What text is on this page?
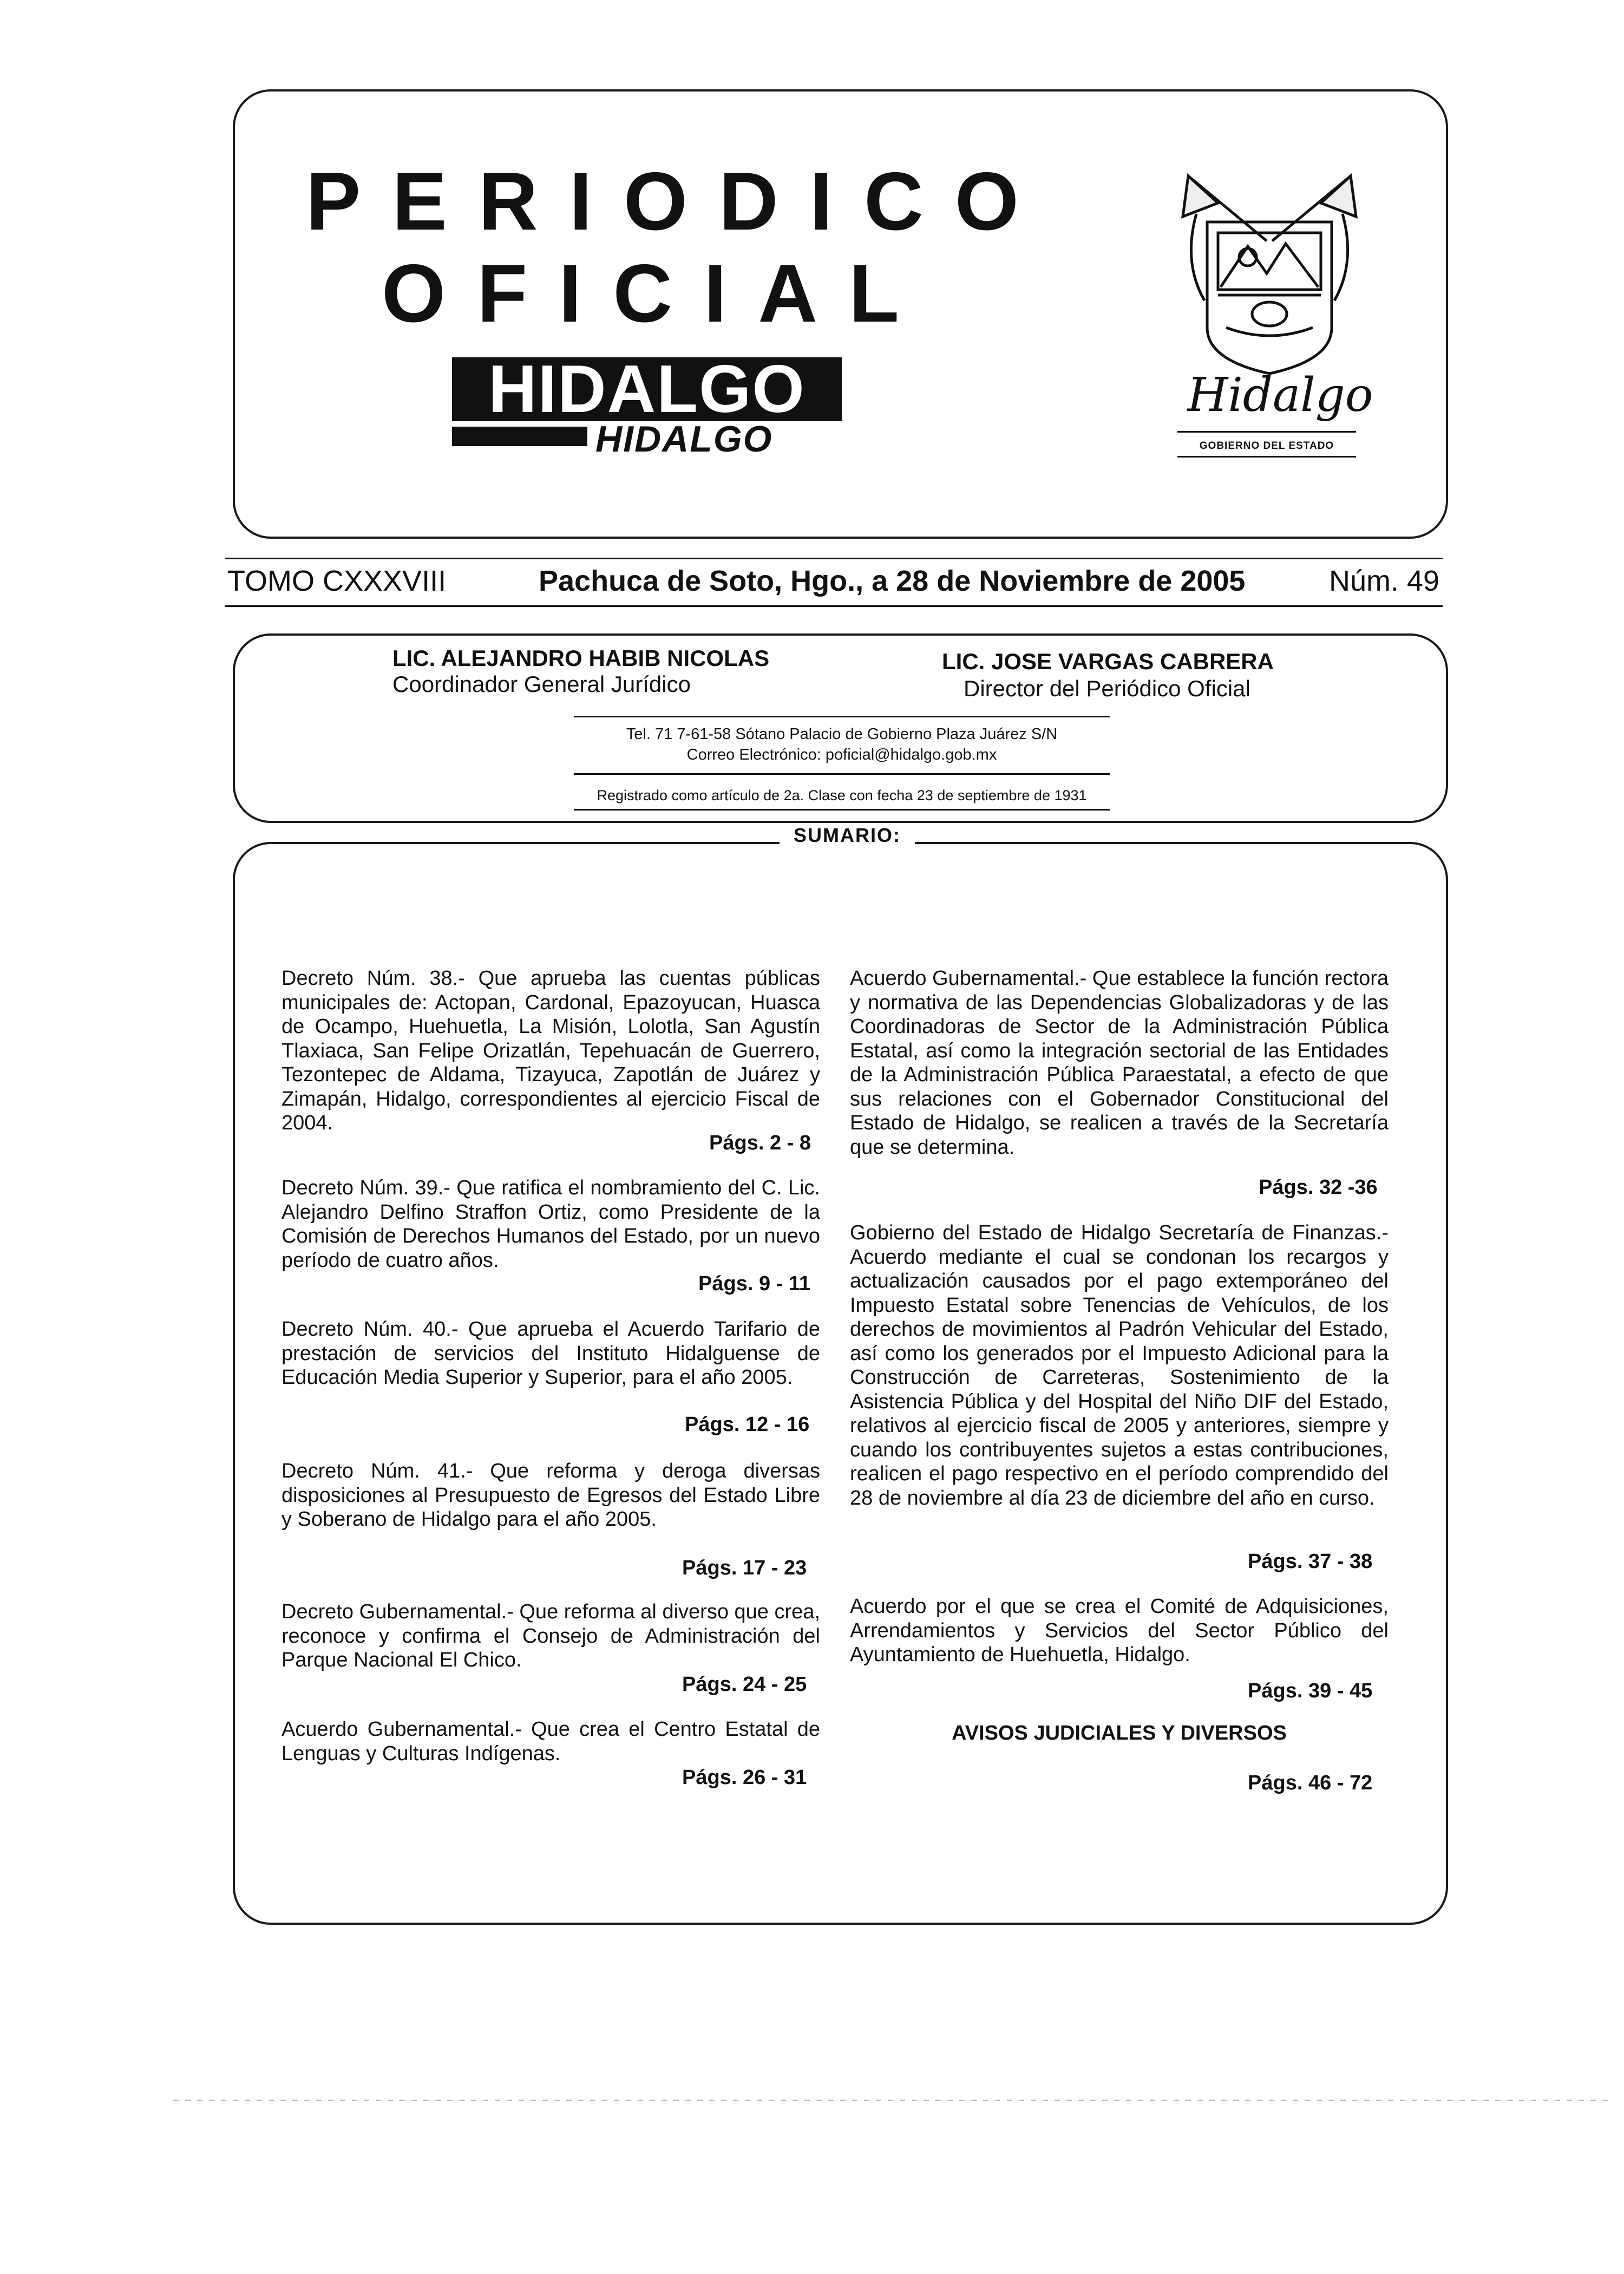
PERIODICO
OFICIAL
HIDALGO
HIDALGO
Hidalgo
GOBIERNO DEL ESTADO
TOMO CXXXVIII	Pachuca de Soto, Hgo., a 28 de Noviembre de 2005	Núm. 49
LIC. ALEJANDRO HABIB NICOLAS
Coordinador General Jurídico
LIC. JOSE VARGAS CABRERA
Director del Periódico Oficial
Tel. 71 7-61-58 Sótano Palacio de Gobierno Plaza Juárez S/N
Correo Electrónico: poficial@hidalgo.gob.mx
Registrado como artículo de 2a. Clase con fecha 23 de septiembre de 1931
SUMARIO:
Decreto Núm. 38.- Que aprueba las cuentas públicas municipales de: Actopan, Cardonal, Epazoyucan, Huasca de Ocampo, Huehuetla, La Misión, Lolotla, San Agustín Tlaxiaca, San Felipe Orizatlán, Tepehuacán de Guerrero, Tezontepec de Aldama, Tizayuca, Zapotlán de Juárez y Zimapán, Hidalgo, correspondientes al ejercicio Fiscal de 2004.
Págs. 2 - 8
Decreto Núm. 39.- Que ratifica el nombramiento del C. Lic. Alejandro Delfino Straffon Ortiz, como Presidente de la Comisión de Derechos Humanos del Estado, por un nuevo período de cuatro años.
Págs. 9 - 11
Decreto Núm. 40.- Que aprueba el Acuerdo Tarifario de prestación de servicios del Instituto Hidalguense de Educación Media Superior y Superior, para el año 2005.
Págs. 12 - 16
Decreto Núm. 41.- Que reforma y deroga diversas disposiciones al Presupuesto de Egresos del Estado Libre y Soberano de Hidalgo para el año 2005.
Págs. 17 - 23
Decreto Gubernamental.- Que reforma al diverso que crea, reconoce y confirma el Consejo de Administración del Parque Nacional El Chico.
Págs. 24 - 25
Acuerdo Gubernamental.- Que crea el Centro Estatal de Lenguas y Culturas Indígenas.
Págs. 26 - 31
Acuerdo Gubernamental.- Que establece la función rectora y normativa de las Dependencias Globalizadoras y de las Coordinadoras de Sector de la Administración Pública Estatal, así como la integración sectorial de las Entidades de la Administración Pública Paraestatal, a efecto de que sus relaciones con el Gobernador Constitucional del Estado de Hidalgo, se realicen a través de la Secretaría que se determina.
Págs. 32 -36
Gobierno del Estado de Hidalgo Secretaría de Finanzas.- Acuerdo mediante el cual se condonan los recargos y actualización causados por el pago extemporáneo del Impuesto Estatal sobre Tenencias de Vehículos, de los derechos de movimientos al Padrón Vehicular del Estado, así como los generados por el Impuesto Adicional para la Construcción de Carreteras, Sostenimiento de la Asistencia Pública y del Hospital del Niño DIF del Estado, relativos al ejercicio fiscal de 2005 y anteriores, siempre y cuando los contribuyentes sujetos a estas contribuciones, realicen el pago respectivo en el período comprendido del 28 de noviembre al día 23 de diciembre del año en curso.
Págs. 37 - 38
Acuerdo por el que se crea el Comité de Adquisiciones, Arrendamientos y Servicios del Sector Público del Ayuntamiento de Huehuetla, Hidalgo.
Págs. 39 - 45
AVISOS JUDICIALES Y DIVERSOS
Págs. 46 - 72
